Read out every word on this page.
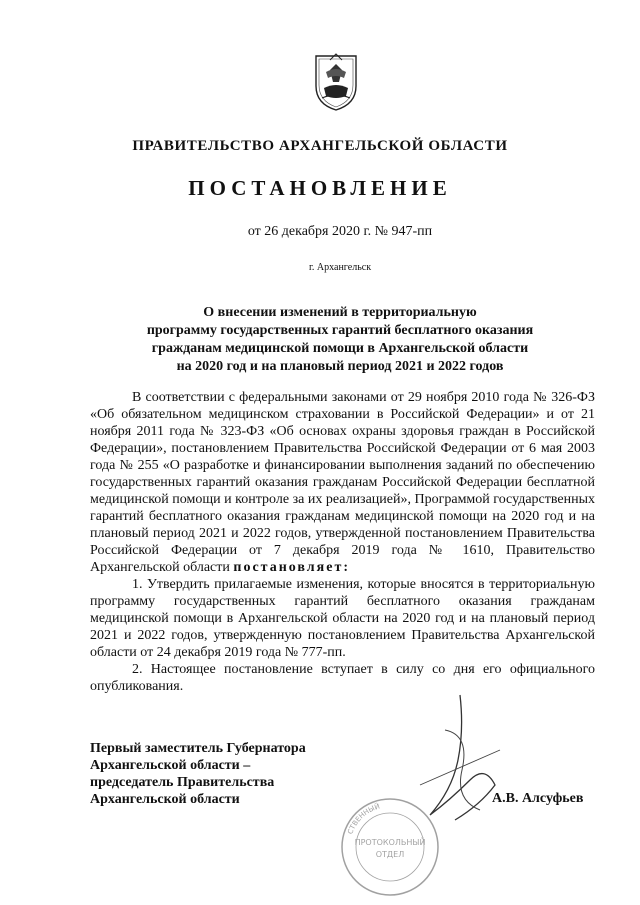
ПРАВИТЕЛЬСТВО АРХАНГЕЛЬСКОЙ ОБЛАСТИ
ПОСТАНОВЛЕНИЕ
от 26 декабря 2020 г. № 947-пп
г. Архангельск
О внесении изменений в территориальную
программу государственных гарантий бесплатного оказания
гражданам медицинской помощи в Архангельской области
на 2020 год и на плановый период 2021 и 2022 годов

В соответствии с федеральными законами от 29 ноября 2010 года № 326-ФЗ «Об обязательном медицинском страховании в Российской Федерации» и от 21 ноября 2011 года № 323-ФЗ «Об основах охраны здоровья граждан в Российской Федерации», постановлением Правительства Российской Федерации от 6 мая 2003 года № 255 «О разработке и финансировании выполнения заданий по обеспечению государственных гарантий оказания гражданам Российской Федерации бесплатной медицинской помощи и контроле за их реализацией», Программой государственных гарантий бесплатного оказания гражданам медицинской помощи на 2020 год и на плановый период 2021 и 2022 годов, утвержденной постановлением Правительства Российской Федерации от 7 декабря 2019 года № 1610, Правительство Архангельской области постановляет:

1. Утвердить прилагаемые изменения, которые вносятся в территориальную программу государственных гарантий бесплатного оказания гражданам медицинской помощи в Архангельской области на 2020 год и на плановый период 2021 и 2022 годов, утвержденную постановлением Правительства Архангельской области от 24 декабря 2019 года № 777-пп.

2. Настоящее постановление вступает в силу со дня его официального опубликования.

Первый заместитель Губернатора
Архангельской области –
председатель Правительства
Архангельской области	А.В. Алсуфьев
СТВЕННЫЙ
ПРОТОКОЛЬНЫЙ
ОТДЕЛ
